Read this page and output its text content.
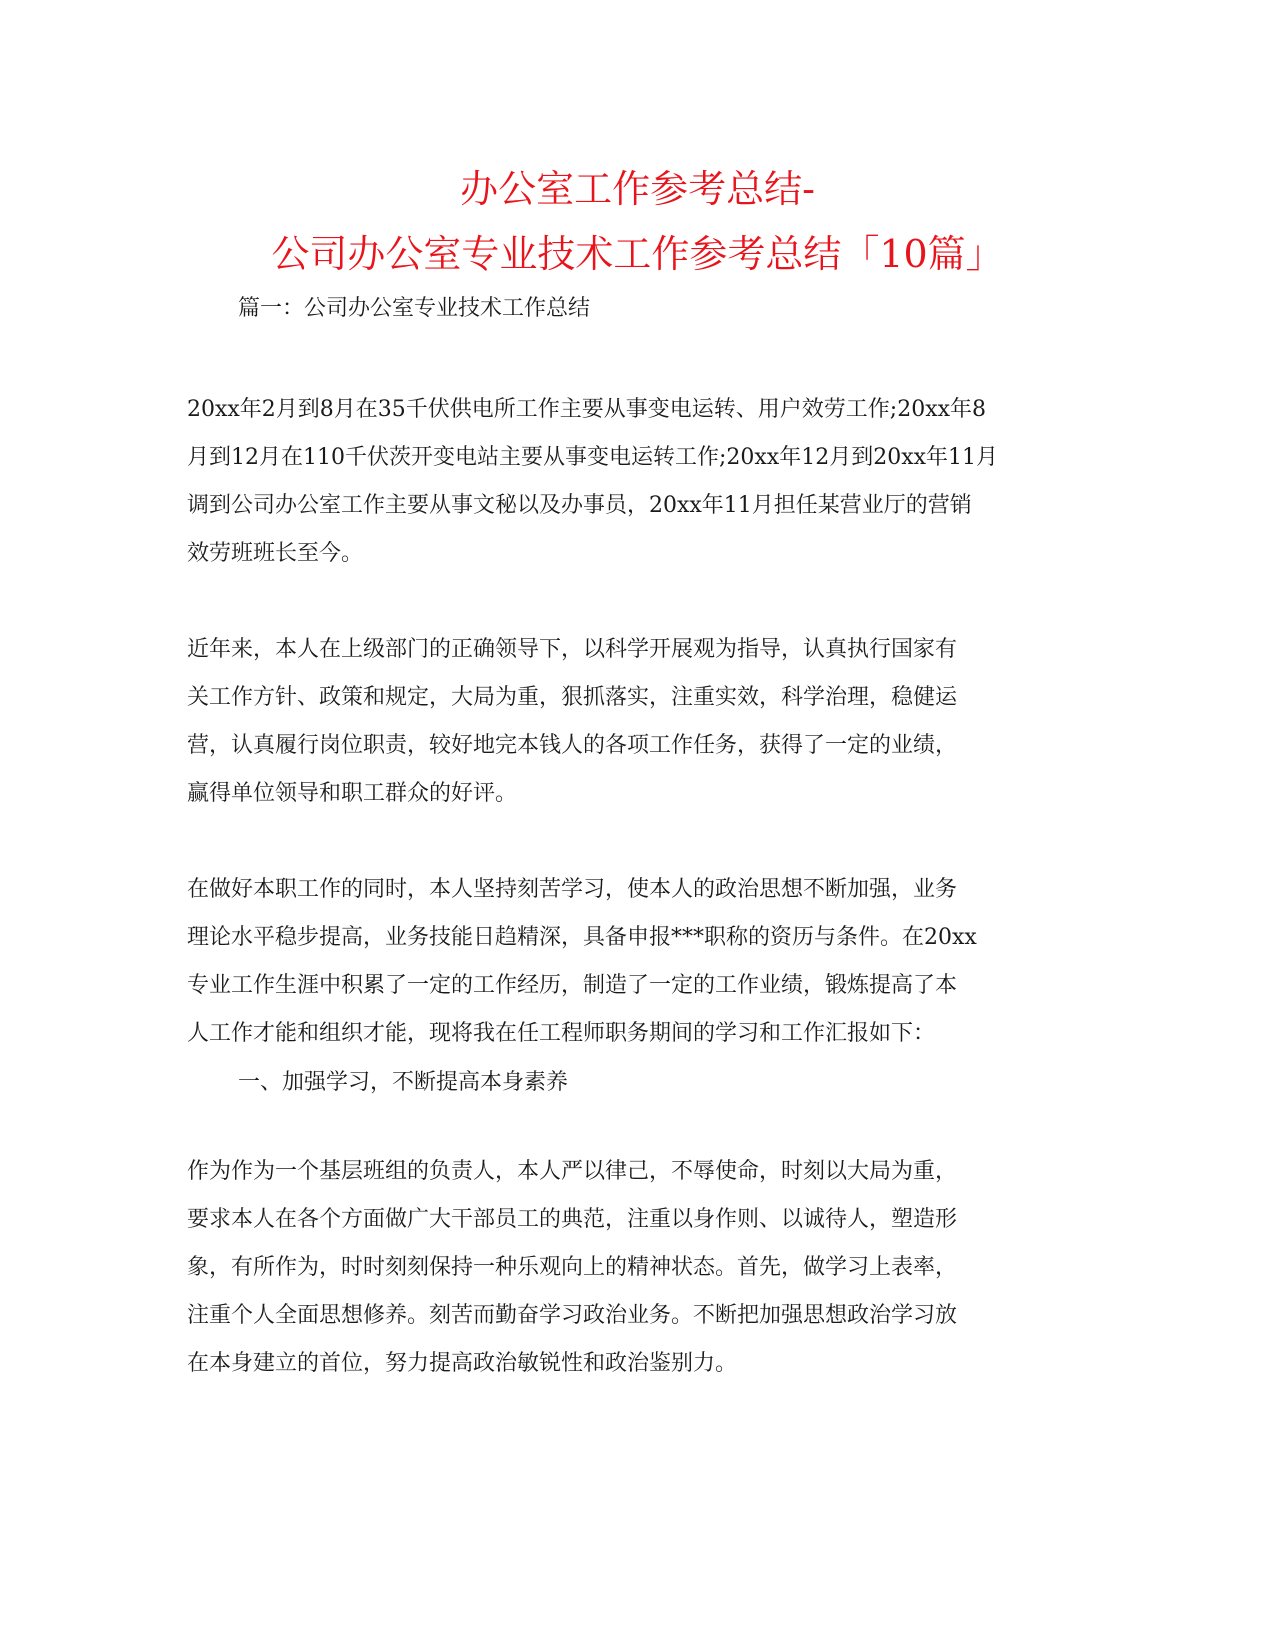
办公室工作参考总结-
公司办公室专业技术工作参考总结「10篇」
篇一：公司办公室专业技术工作总结
20xx年2月到8月在35千伏供电所工作主要从事变电运转、用户效劳工作;20xx年8
月到12月在110千伏茨开变电站主要从事变电运转工作;20xx年12月到20xx年11月
调到公司办公室工作主要从事文秘以及办事员，20xx年11月担任某营业厅的营销
效劳班班长至今。
近年来，本人在上级部门的正确领导下，以科学开展观为指导，认真执行国家有
关工作方针、政策和规定，大局为重，狠抓落实，注重实效，科学治理，稳健运
营，认真履行岗位职责，较好地完本钱人的各项工作任务，获得了一定的业绩，
赢得单位领导和职工群众的好评。
在做好本职工作的同时，本人坚持刻苦学习，使本人的政治思想不断加强，业务
理论水平稳步提高，业务技能日趋精深，具备申报***职称的资历与条件。在20xx
专业工作生涯中积累了一定的工作经历，制造了一定的工作业绩，锻炼提高了本
人工作才能和组织才能，现将我在任工程师职务期间的学习和工作汇报如下：
一、加强学习，不断提高本身素养
作为作为一个基层班组的负责人，本人严以律己，不辱使命，时刻以大局为重，
要求本人在各个方面做广大干部员工的典范，注重以身作则、以诚待人，塑造形
象，有所作为，时时刻刻保持一种乐观向上的精神状态。首先，做学习上表率，
注重个人全面思想修养。刻苦而勤奋学习政治业务。不断把加强思想政治学习放
在本身建立的首位，努力提高政治敏锐性和政治鉴别力。
